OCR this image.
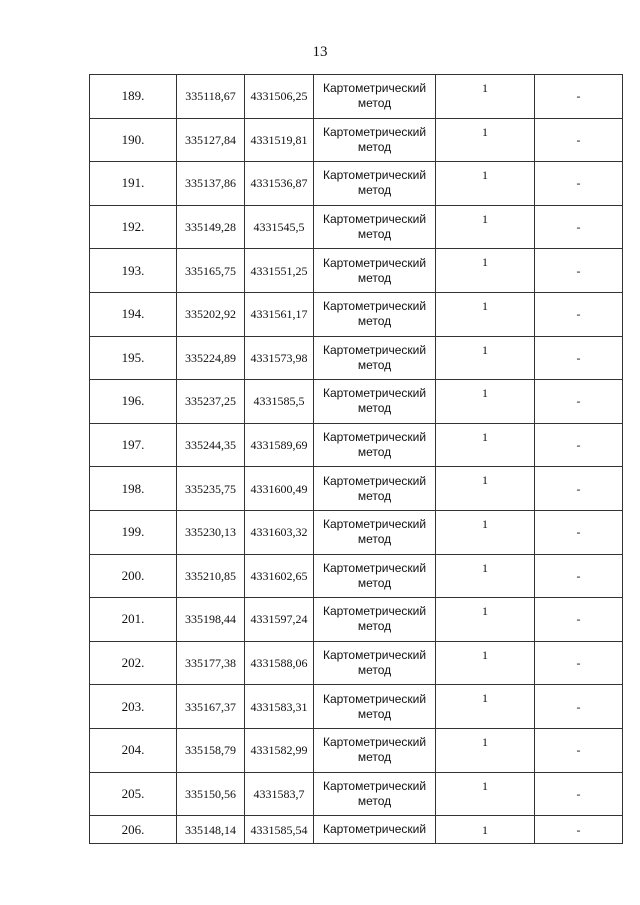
13
189.	335118,67	4331506,25	Картометрический
метод	1	-
190.	335127,84	4331519,81	Картометрический
метод	1	-
191.	335137,86	4331536,87	Картометрический
метод	1	-
192.	335149,28	4331545,5	Картометрический
метод	1	-
193.	335165,75	4331551,25	Картометрический
метод	1	-
194.	335202,92	4331561,17	Картометрический
метод	1	-
195.	335224,89	4331573,98	Картометрический
метод	1	-
196.	335237,25	4331585,5	Картометрический
метод	1	-
197.	335244,35	4331589,69	Картометрический
метод	1	-
198.	335235,75	4331600,49	Картометрический
метод	1	-
199.	335230,13	4331603,32	Картометрический
метод	1	-
200.	335210,85	4331602,65	Картометрический
метод	1	-
201.	335198,44	4331597,24	Картометрический
метод	1	-
202.	335177,38	4331588,06	Картометрический
метод	1	-
203.	335167,37	4331583,31	Картометрический
метод	1	-
204.	335158,79	4331582,99	Картометрический
метод	1	-
205.	335150,56	4331583,7	Картометрический
метод	1	-
206.	335148,14	4331585,54	Картометрический	1	-
